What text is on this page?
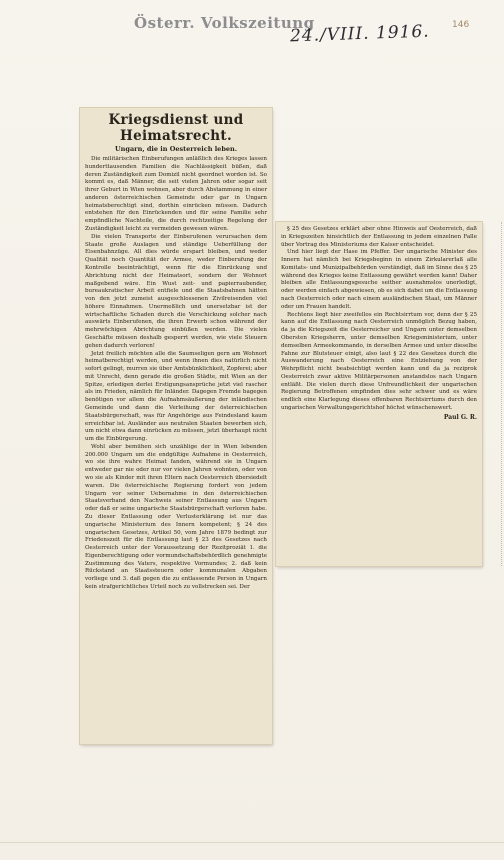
Österr. Volkszeitung
24./VIII. 1916. 146
Kriegsdienst und Heimatsrecht.
Ungarn, die in Oesterreich leben.

Die militärischen Einberufungen anläßlich des Krieges lassen hunderttausenden Familien die Nachlässigkeit büßen, daß deren Zuständigkeit zum Domizil nicht geordnet worden ist. So kommt es, daß Männer, die seit vielen Jahren oder sogar seit ihrer Geburt in Wien wohnen, aber durch Abstammung in einer anderen österreichischen Gemeinde oder gar in Ungarn heimatsberechtigt sind, dorthin einrücken müssen. Dadurch entstehen für den Einrückenden und für seine Familie sehr empfindliche Nachteile, die durch rechtzeitige Regelung der Zuständigkeit leicht zu vermeiden gewesen wären.

Die vielen Transporte der Einberufenen verursachen dem Staate große Auslagen und ständige Ueberfüllung der Eisenbahnzüge. All dies würde erspart bleiben, und weder Qualität noch Quantität der Armee, weder Einberufung der Kontrolle beeinträchtigt, wenn für die Einrückung und Abrichtung nicht der Heimatsort, sondern der Wohnort maßgebend wäre. Ein Wust zeit- und papierraubender, bureaukratischer Arbeit entfiele und die Staatsbahnen hätten von den jetzt zumeist ausgeschlossenen Zivilreisenden viel höhere Einnahmen. Unermeßlich und unersetzbar ist der wirtschaftliche Schaden durch die Verschickung solcher nach auswärts Einberufenen, die ihren Erwerb schon während der mehrwöchigen Abrichtung einbüßen werden. Die vielen Geschäfte müssen deshalb gesperrt werden, wie viele Steuern gehen dadurch verloren!

Jetzt freilich möchten alle die Saumseligen gern am Wohnort heimatberechtigt werden, und wenn ihnen dies natürlich nicht sofort gelingt, murren sie über Amtsbünklichkeit, Zopferei; aber mit Unrecht, denn gerade die großen Städte, mit Wien an der Spitze, erledigen derlei Erstigungsansprüche jetzt viel rascher als im Frieden, nämlich für Inländer. Dagegen Fremde bagegen benötigen vor allem die Aufnahmsäußerung der inländischen Gemeinde und dann die Verleihung der österreichischen Staatsbürgerschaft, was für Angehörige aus Feindesland kaum erreichbar ist. Ausländer aus neutralen Staaten bewerben sich, um nicht etwa dann einrücken zu müssen, jetzt überhaupt nicht um die Einbürgerung.

Wohl aber bemühen sich unzählige der in Wien lebenden 200.000 Ungarn um die endgültige Aufnahme in Oesterreich, wo sie ihre wahre Heimat fanden, während sie in Ungarn entweder gar nie oder nur vor vielen Jahren wohnten, oder von wo sie als Kinder mit ihren Eltern nach Oesterreich übersiedelt waren. Die österreichische Regierung fordert von jedem Ungarn vor seiner Uebernahme in den österreichischen Staatsverband den Nachweis seiner Entlassung aus Ungarn oder daß er seine ungarische Staatsbürgerschaft verloren habe. Zu dieser Entlassung oder Verlusterklärung ist nur das ungarische Ministerium des Innern kompetent; § 24 des ungarischen Gesetzes, Artikel 50, vom Jahre 1879 bedingt zur Friedenszeit für die Entlassung laut § 23 des Gesetzes nach Oesterreich unter der Voraussetzung der Rezitproziät 1. die Eigenberechtigung oder vormundschaftsbehördlich genehmigte Zustimmung des Vaters, respektive Vormundes; 2. daß kein Rückstand an Staatssteuern oder kommunalen Abgaben vorliege und 3. daß gegen die zu entlassende Person in Ungarn kein strafgerichtliches Urteil noch zu vollstrecken sei. Der

§ 25 des Gesetzes erklärt aber ohne Hinweis auf Oesterreich, daß in Kriegszeiten hinsichtlich der Entlassung in jedem einzelnen Falle über Vortrag des Ministeriums der Kaiser entscheidet.

Und hier liegt der Hase im Pfeffer. Der ungarische Minister des Innern hat nämlich bei Kriegsbeginn in einem Zirkularerlaß alle Komitats- und Munizipalbehörden verständigt, daß im Sinne des § 25 während des Krieges keine Entlassung gewährt werden kann! Daher bleiben alle Entlassungsgesuche seither ausnahmslos unerledigt, oder werden einfach abgewiesen, ob es sich dabei um die Entlassung nach Oesterreich oder nach einem ausländischen Staat, um Männer oder um Frauen handelt.

Rechtens liegt hier zweifellos ein Rechtsirrtum vor, denn der § 25 kann auf die Entlassung nach Oesterreich unmöglich Bezug haben, da ja die Kriegszeit die Oesterreicher und Ungarn unter demselben Obersten Kriegsherrn, unter demselben Kriegsministerium, unter demselben Armeekommando, in derselben Armee und unter dieselbe Fahne zur Blutsteuer einigt, also laut § 22 des Gesetzes durch die Auswanderung nach Oesterreich eine Entziehung von der Wehrpflicht nicht beabsichtigt werden kann und da ja reziprok Oesterreich zwar aktive Militärpersonen anstandslos nach Ungarn entläßt. Die vielen durch diese Unfreundlichkeit der ungarischen Regierung Betroffenen empfinden dies sehr schwer und es wäre endlich eine Klarlegung dieses offenbaren Rechtsirrtums durch den ungarischen Verwaltungsgerichtshof höchst wünschenswert.

Paul G. R.
